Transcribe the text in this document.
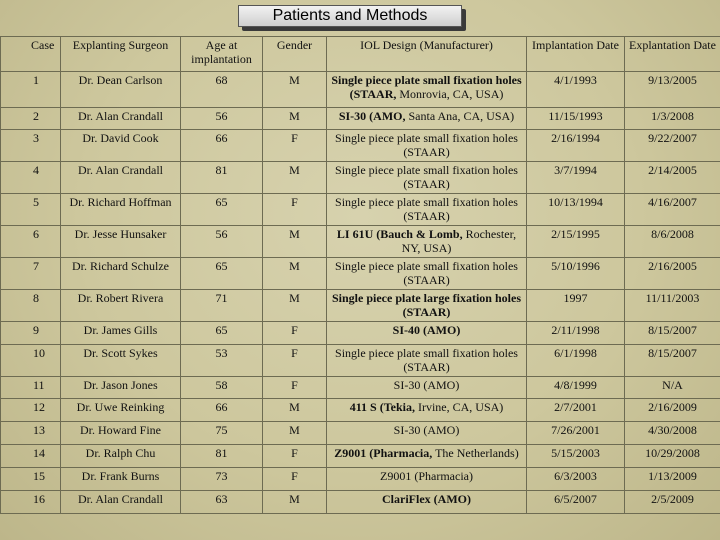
Patients and Methods
Case	Explanting Surgeon	Age at implantation	Gender	IOL Design (Manufacturer)	Implantation Date	Explantation Date
1	Dr. Dean Carlson	68	M	Single piece plate small fixation holes (STAAR, Monrovia, CA, USA)	4/1/1993	9/13/2005
2	Dr. Alan Crandall	56	M	SI-30 (AMO, Santa Ana, CA, USA)	11/15/1993	1/3/2008
3	Dr. David Cook	66	F	Single piece plate small fixation holes (STAAR)	2/16/1994	9/22/2007
4	Dr. Alan Crandall	81	M	Single piece plate small fixation holes (STAAR)	3/7/1994	2/14/2005
5	Dr. Richard Hoffman	65	F	Single piece plate small fixation holes (STAAR)	10/13/1994	4/16/2007
6	Dr. Jesse Hunsaker	56	M	LI 61U (Bauch & Lomb, Rochester, NY, USA)	2/15/1995	8/6/2008
7	Dr. Richard Schulze	65	M	Single piece plate small fixation holes (STAAR)	5/10/1996	2/16/2005
8	Dr. Robert Rivera	71	M	Single piece plate large fixation holes (STAAR)	1997	11/11/2003
9	Dr. James Gills	65	F	SI-40 (AMO)	2/11/1998	8/15/2007
10	Dr. Scott Sykes	53	F	Single piece plate small fixation holes (STAAR)	6/1/1998	8/15/2007
11	Dr. Jason Jones	58	F	SI-30 (AMO)	4/8/1999	N/A
12	Dr. Uwe Reinking	66	M	411 S (Tekia, Irvine, CA, USA)	2/7/2001	2/16/2009
13	Dr. Howard Fine	75	M	SI-30 (AMO)	7/26/2001	4/30/2008
14	Dr. Ralph Chu	81	F	Z9001 (Pharmacia, The Netherlands)	5/15/2003	10/29/2008
15	Dr. Frank Burns	73	F	Z9001 (Pharmacia)	6/3/2003	1/13/2009
16	Dr. Alan Crandall	63	M	ClariFlex (AMO)	6/5/2007	2/5/2009
